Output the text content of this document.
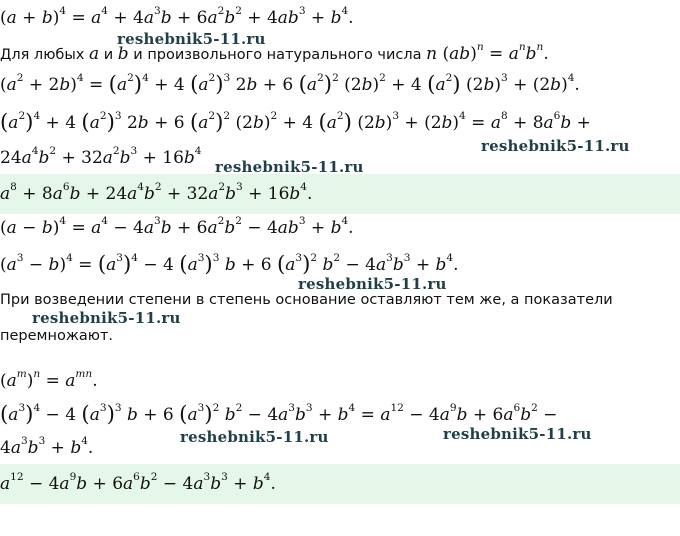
$(a + b)^4 = a^4 + 4a^3b + 6a^2b^2 + 4ab^3 + b^4$.
Для любых a и b и произвольного натурального числа n $(ab)^n = a^nb^n$.
$(a^2 + 2b)^4 = (a^2)^4 + 4$ $(a^2)^3$ 2b + 6 $(a^2)^2$ $(2b)^2 + 4$ $(a^2) (2b)^3 + (2b)^4$.
$(a^2)^4 + 4$ $(a^2)^3$ 2b + 6 $(a^2)^2$ $(2b)^2 + 4$ $(a^2) (2b)^3 + (2b)^4 = a^8 + 8a^6b$ +
$24a^4b^2 + 32a^2b^3 + 16b^4$
$a^8 + 8a^6b + 24a^4b^2 + 32a^2b^3 + 16b^4$.
$(a - b)^4 = a^4 - 4a^3b + 6a^2b^2 - 4ab^3 + b^4$.
$(a^3 - b)^4 = (a^3)^4 - 4$ $(a^3)^3$ b + 6 $(a^3)^2$ $b^2 - 4a^3b^3 + b^4$.
При возведении степени в степень основание оставляют тем же, а показатели
перемножают.
$(a^m)^n = a^{mn}$.
$(a^3)^4 - 4$ $(a^3)^3$ b + 6 $(a^3)^2$ $b^2 - 4a^3b^3 + b^4 = a^{12} - 4a^9b + 6a^6b^2$ −
$4a^3b^3 + b^4$.
$a^{12} - 4a^9b + 6a^6b^2 - 4a^3b^3 + b^4$.
reshebnik5-11.ru
reshebnik5-11.ru
reshebnik5-11.ru
reshebnik5-11.ru
reshebnik5-11.ru
reshebnik5-11.ru	reshebnik5-11.ru
